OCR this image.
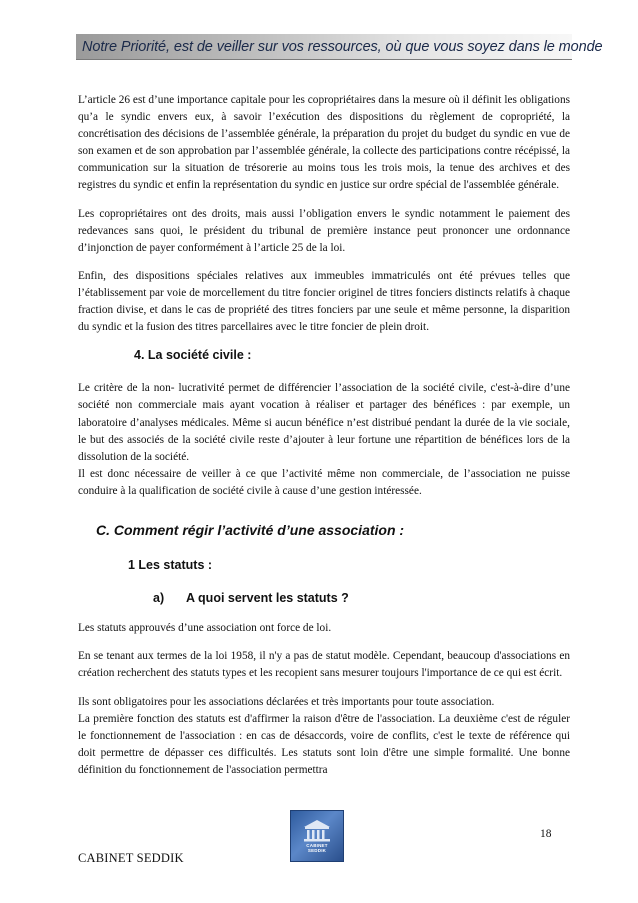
Notre Priorité, est de veiller sur vos ressources, où que vous soyez dans le monde

L’article 26 est d’une importance capitale pour les copropriétaires dans la mesure où il définit les obligations qu’a le syndic envers eux, à savoir l’exécution des dispositions du règlement de copropriété, la concrétisation des décisions de l’assemblée générale, la préparation du projet du budget du syndic en vue de son examen et de son approbation par l’assemblée générale, la collecte des participations contre récépissé, la communication sur la situation de trésorerie au moins tous les trois mois, la tenue des archives et des registres du syndic et enfin la représentation du syndic en justice sur ordre spécial de l'assemblée générale.

Les copropriétaires ont des droits, mais aussi l’obligation envers le syndic notamment le paiement des redevances sans quoi, le président du tribunal de première instance peut prononcer une ordonnance d’injonction de payer conformément à l’article 25 de la loi.

Enfin, des dispositions spéciales relatives aux immeubles immatriculés ont été prévues telles que l’établissement par voie de morcellement du titre foncier originel de titres fonciers distincts relatifs à chaque fraction divise, et dans le cas de propriété des titres fonciers par une seule et même personne, la disparition du syndic et la fusion des titres parcellaires avec le titre foncier de plein droit.

4. La société civile :

Le critère de la non- lucrativité permet de différencier l’association de la société civile, c'est-à-dire d’une société non commerciale mais ayant vocation à réaliser et partager des bénéfices : par exemple, un laboratoire d’analyses médicales. Même si aucun bénéfice n’est distribué pendant la durée de la vie sociale, le but des associés de la société civile reste d’ajouter à leur fortune une répartition de bénéfices lors de la dissolution de la société.

Il est donc nécessaire de veiller à ce que l’activité même non commerciale, de l’association ne puisse conduire à la qualification de société civile à cause d’une gestion intéressée.

C. Comment régir l’activité d’une association :
1 Les statuts :
a) A quoi servent les statuts ?

Les statuts approuvés d’une association ont force de loi.

En se tenant aux termes de la loi 1958, il n'y a pas de statut modèle. Cependant, beaucoup d'associations en création recherchent des statuts types et les recopient sans mesurer toujours l'importance de ce qui est écrit.

Ils sont obligatoires pour les associations déclarées et très importants pour toute association.

La première fonction des statuts est d'affirmer la raison d'être de l'association. La deuxième c'est de réguler le fonctionnement de l'association : en cas de désaccords, voire de conflits, c'est le texte de référence qui doit permettre de dépasser ces difficultés. Les statuts sont loin d'être une simple formalité. Une bonne définition du fonctionnement de l'association permettra

CABINET
SEDDIK
18
CABINET SEDDIK
